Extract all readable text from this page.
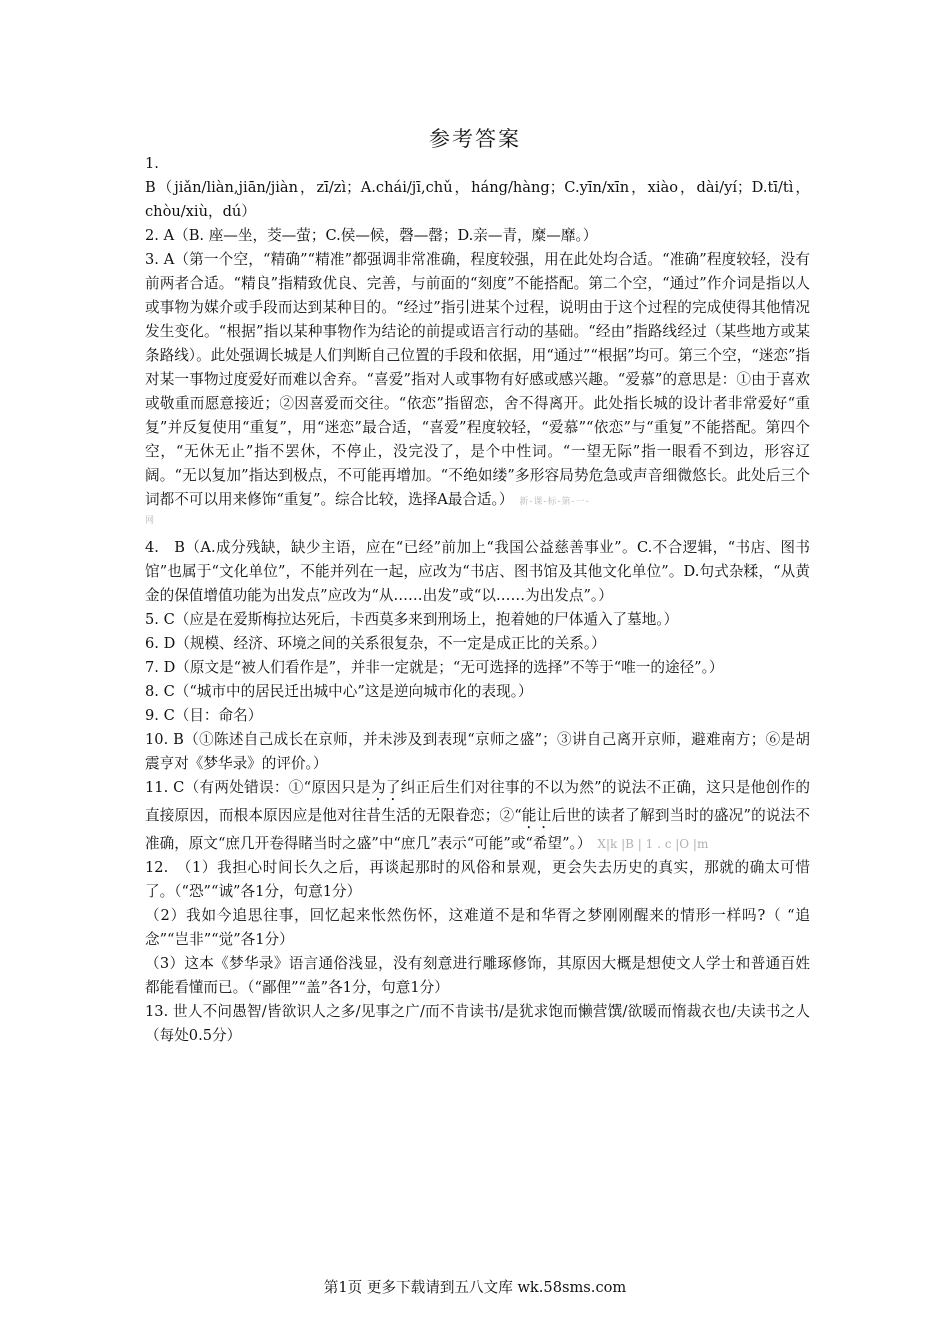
参考答案

1.

B（jiǎn/liàn,jiān/jiàn，zī/zì；A.chái/jī,chǔ，háng/hàng；C.yīn/xīn，xiào，dài/yí；D.tī/tì，chòu/xiù，dú）

2. A（B. 座—坐，茭—萤；C.侯—候，磬—罄；D.亲—青，糜—靡。）

3. A（第一个空，“精确”“精准”都强调非常准确，程度较强，用在此处均合适。“准确”程度较轻，没有前两者合适。“精良”指精致优良、完善，与前面的“刻度”不能搭配。第二个空，“通过”作介词是指以人或事物为媒介或手段而达到某种目的。“经过”指引进某个过程，说明由于这个过程的完成使得其他情况发生变化。“根据”指以某种事物作为结论的前提或语言行动的基础。“经由”指路线经过（某些地方或某条路线）。此处强调长城是人们判断自己位置的手段和依据，用“通过”“根据”均可。第三个空，“迷恋”指对某一事物过度爱好而难以舍弃。“喜爱”指对人或事物有好感或感兴趣。“爱慕”的意思是：①由于喜欢或敬重而愿意接近；②因喜爱而交往。“依恋”指留恋，舍不得离开。此处指长城的设计者非常爱好“重复”并反复使用“重复”，用“迷恋”最合适，“喜爱”程度较轻，“爱慕”“依恋”与“重复”不能搭配。第四个空，“无休无止”指不罢休，不停止，没完没了，是个中性词。“一望无际”指一眼看不到边，形容辽阔。“无以复加”指达到极点，不可能再增加。“不绝如缕”多形容局势危急或声音细微悠长。此处后三个词都不可以用来修饰“重复”。综合比较，选择A最合适。） 新-课-标-第-一-

网

4.　B（A.成分残缺，缺少主语，应在“已经”前加上“我国公益慈善事业”。C.不合逻辑，“书店、图书馆”也属于“文化单位”，不能并列在一起，应改为“书店、图书馆及其他文化单位”。D.句式杂糅，“从黄金的保值增值功能为出发点”应改为“从……出发”或“以……为出发点”。）

5. C（应是在爱斯梅拉达死后，卡西莫多来到刑场上，抱着她的尸体遁入了墓地。）

6. D（规模、经济、环境之间的关系很复杂，不一定是成正比的关系。）

7. D（原文是“被人们看作是”，并非一定就是；“无可选择的选择”不等于“唯一的途径”。）

8. C（“城市中的居民迁出城中心”这是逆向城市化的表现。）

9. C（目：命名）

10. B（①陈述自己成长在京师，并未涉及到表现“京师之盛”；③讲自己离开京师，避难南方；⑥是胡震亨对《梦华录》的评价。）

11. C（有两处错误：①“原因只是为了纠正后生们对往事的不以为然”的说法不正确，这只是他创作的直接原因，而根本原因应是他对往昔生活的无限眷恋；②“能让后世的读者了解到当时的盛况”的说法不准确，原文“庶几开卷得睹当时之盛”中“庶几”表示“可能”或“希望”。） X|k |B | 1 . c |O |m

12.　（1）我担心时间长久之后，再谈起那时的风俗和景观，更会失去历史的真实，那就的确太可惜了。（“恐”“诚”各1分，句意1分）

（2）我如今追思往事，回忆起来怅然伤怀，这难道不是和华胥之梦刚刚醒来的情形一样吗?（ “追念”“岂非”“觉”各1分）

（3）这本《梦华录》语言通俗浅显，没有刻意进行雕琢修饰，其原因大概是想使文人学士和普通百姓都能看懂而已。（“鄙俚”“盖”各1分，句意1分）

13. 世人不问愚智/皆欲识人之多/见事之广/而不肯读书/是犹求饱而懒营馔/欲暖而惰裁衣也/夫读书之人（每处0.5分）

第1页 更多下载请到五八文库 wk.58sms.com
